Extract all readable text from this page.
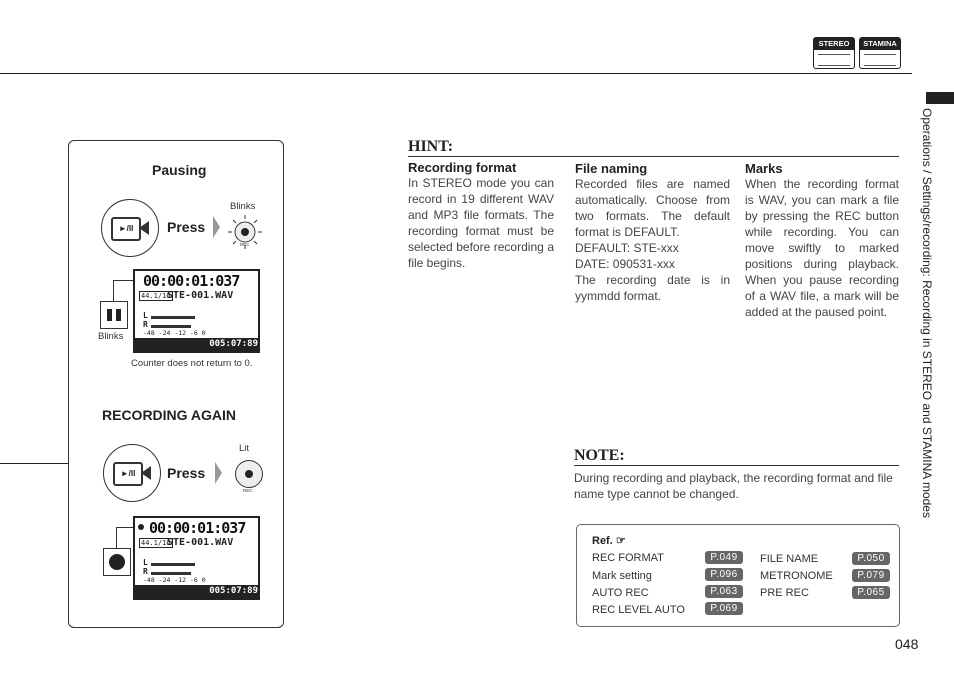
STEREO	STAMINA
Operations / Settings/recording: Recording in STEREO and STAMINA modes
048
Pausing
►/II	Press
Blinks
REC
Blinks
00:00:01:037
44.1/16
STE-001.WAV
L
R
-48 -24 -12 -6 0
005:07:89
Counter does not return to 0.
RECORDING AGAIN
►/II	Press
Lit
REC
00:00:01:037
44.1/16
STE-001.WAV
L
R
-48 -24 -12 -6 0
005:07:89
HINT:
Recording format

In STEREO mode you can record in 19 different WAV and MP3 file formats. The recording format must be selected before recording a file begins.

File naming
Recorded files are named automatically. Choose from two formats. The default format is DEFAULT.
DEFAULT: STE-xxx
DATE: 090531-xxx
The recording date is in yymmdd format.
Marks

When the recording format is WAV, you can mark a file by pressing the REC button while recording. You can move swiftly to marked positions during playback. When you pause recording of a WAV file, a mark will be added at the paused point.

NOTE:

During recording and playback, the recording format and file name type cannot be changed.

Ref. ☞
REC FORMAT	P.049
Mark setting	P.096
AUTO REC	P.063
REC LEVEL AUTO	P.069
FILE NAME	P.050
METRONOME	P.079
PRE REC	P.065
